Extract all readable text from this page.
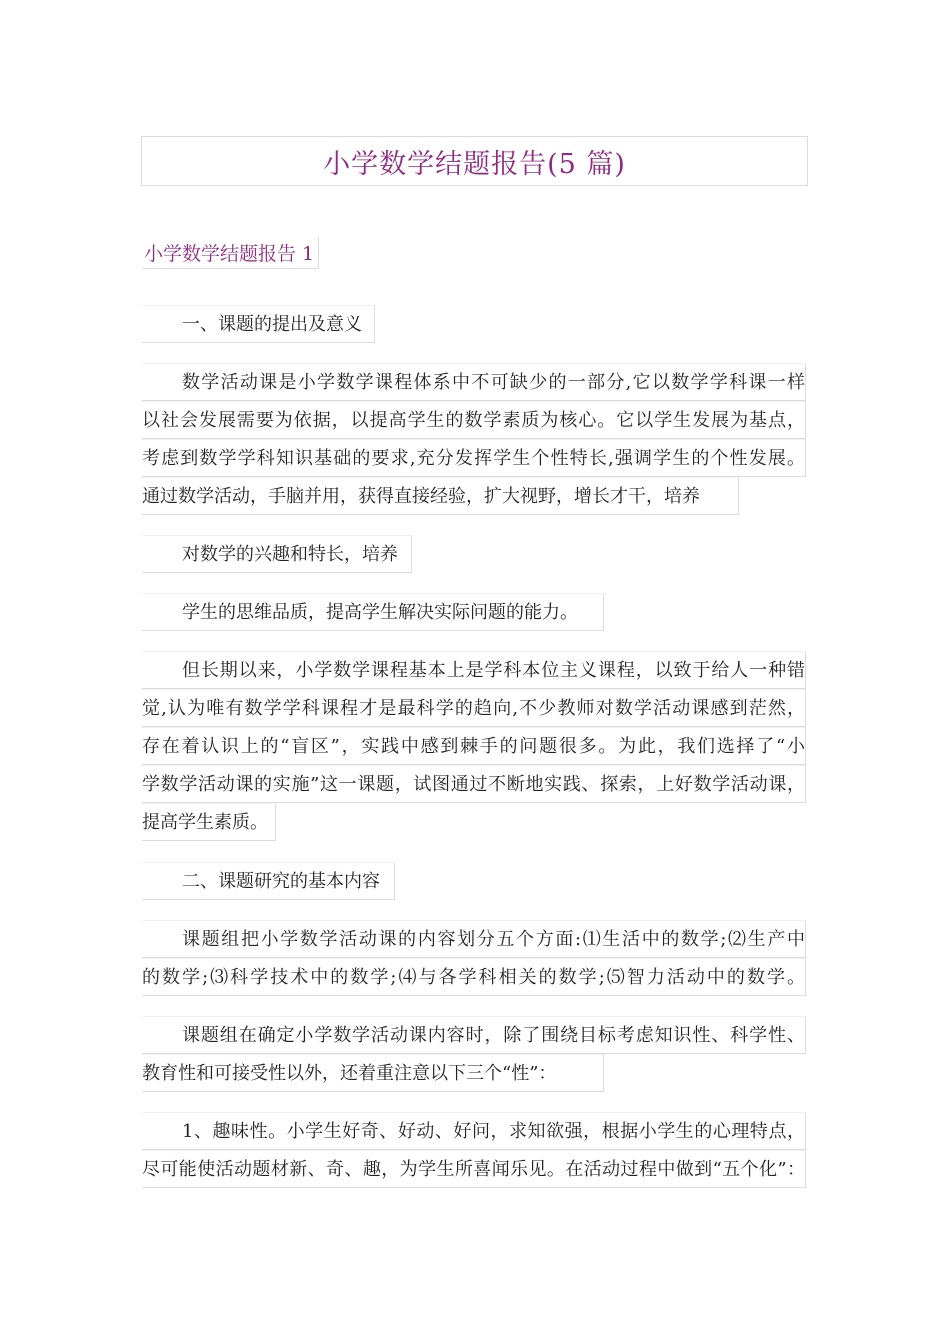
小学数学结题报告(5 篇)
小学数学结题报告 1
一、课题的提出及意义
数学活动课是小学数学课程体系中不可缺少的一部分,它以数学学科课一样
以社会发展需要为依据，以提高学生的数学素质为核心。它以学生发展为基点，
考虑到数学学科知识基础的要求,充分发挥学生个性特长,强调学生的个性发展。
通过数学活动，手脑并用，获得直接经验，扩大视野，增长才干，培养
对数学的兴趣和特长，培养
学生的思维品质，提高学生解决实际问题的能力。
但长期以来，小学数学课程基本上是学科本位主义课程，以致于给人一种错
觉,认为唯有数学学科课程才是最科学的趋向,不少教师对数学活动课感到茫然，
存在着认识上的“盲区”，实践中感到棘手的问题很多。为此，我们选择了“小
学数学活动课的实施”这一课题，试图通过不断地实践、探索，上好数学活动课，
提高学生素质。
二、课题研究的基本内容
课题组把小学数学活动课的内容划分五个方面:⑴生活中的数学;⑵生产中
的数学;⑶科学技术中的数学;⑷与各学科相关的数学;⑸智力活动中的数学。
课题组在确定小学数学活动课内容时，除了围绕目标考虑知识性、科学性、
教育性和可接受性以外，还着重注意以下三个“性”：
1、趣味性。小学生好奇、好动、好问，求知欲强，根据小学生的心理特点，
尽可能使活动题材新、奇、趣，为学生所喜闻乐见。在活动过程中做到“五个化”：
